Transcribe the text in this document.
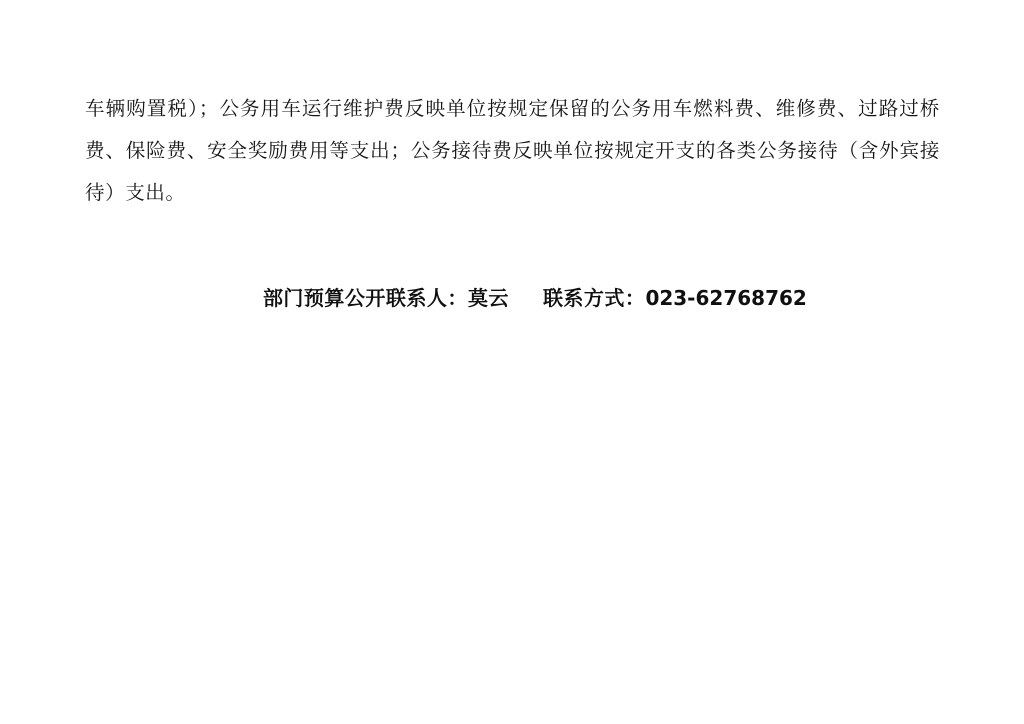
车辆购置税）；公务用车运行维护费反映单位按规定保留的公务用车燃料费、维修费、过路过桥费、保险费、安全奖励费用等支出；公务接待费反映单位按规定开支的各类公务接待（含外宾接待）支出。

部门预算公开联系人：莫云 联系方式：023-62768762
